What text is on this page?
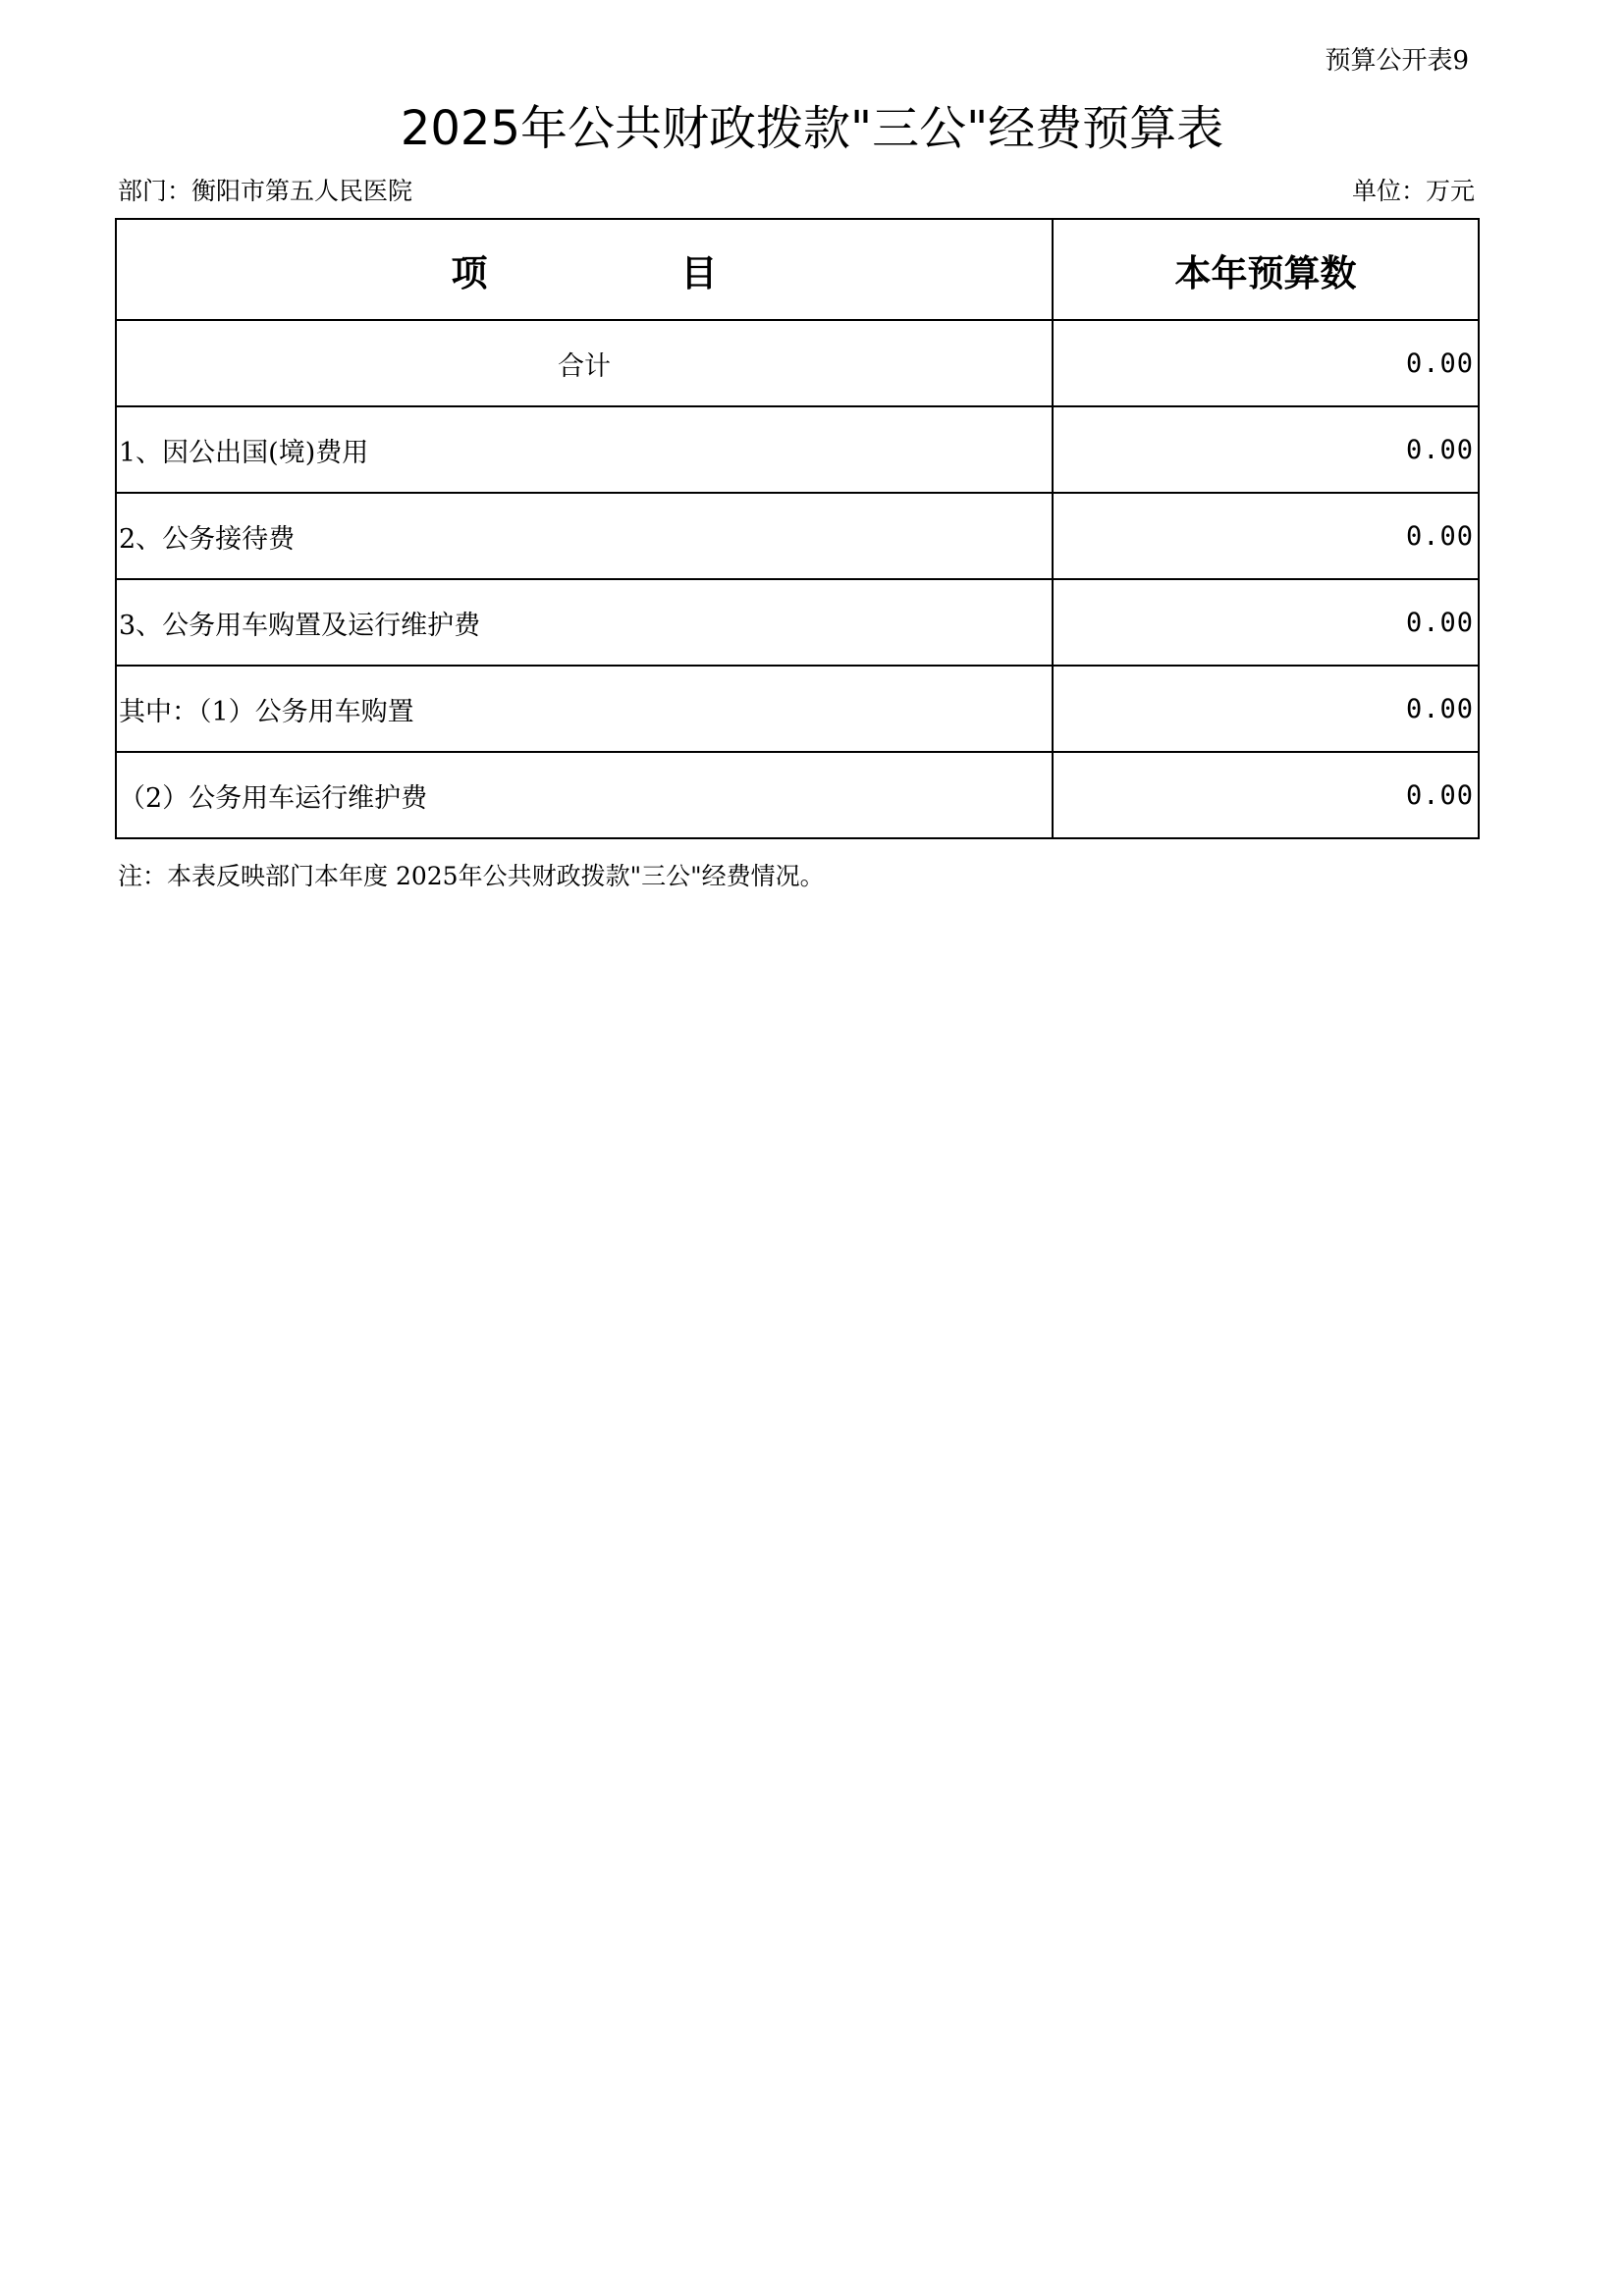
预算公开表9
2025年公共财政拨款"三公"经费预算表
部门：衡阳市第五人民医院	单位：万元
项 目	本年预算数
合计	0.00
1、因公出国(境)费用	0.00
2、公务接待费	0.00
3、公务用车购置及运行维护费	0.00
其中：（1）公务用车购置	0.00
（2）公务用车运行维护费	0.00
注：本表反映部门本年度 2025年公共财政拨款"三公"经费情况。
